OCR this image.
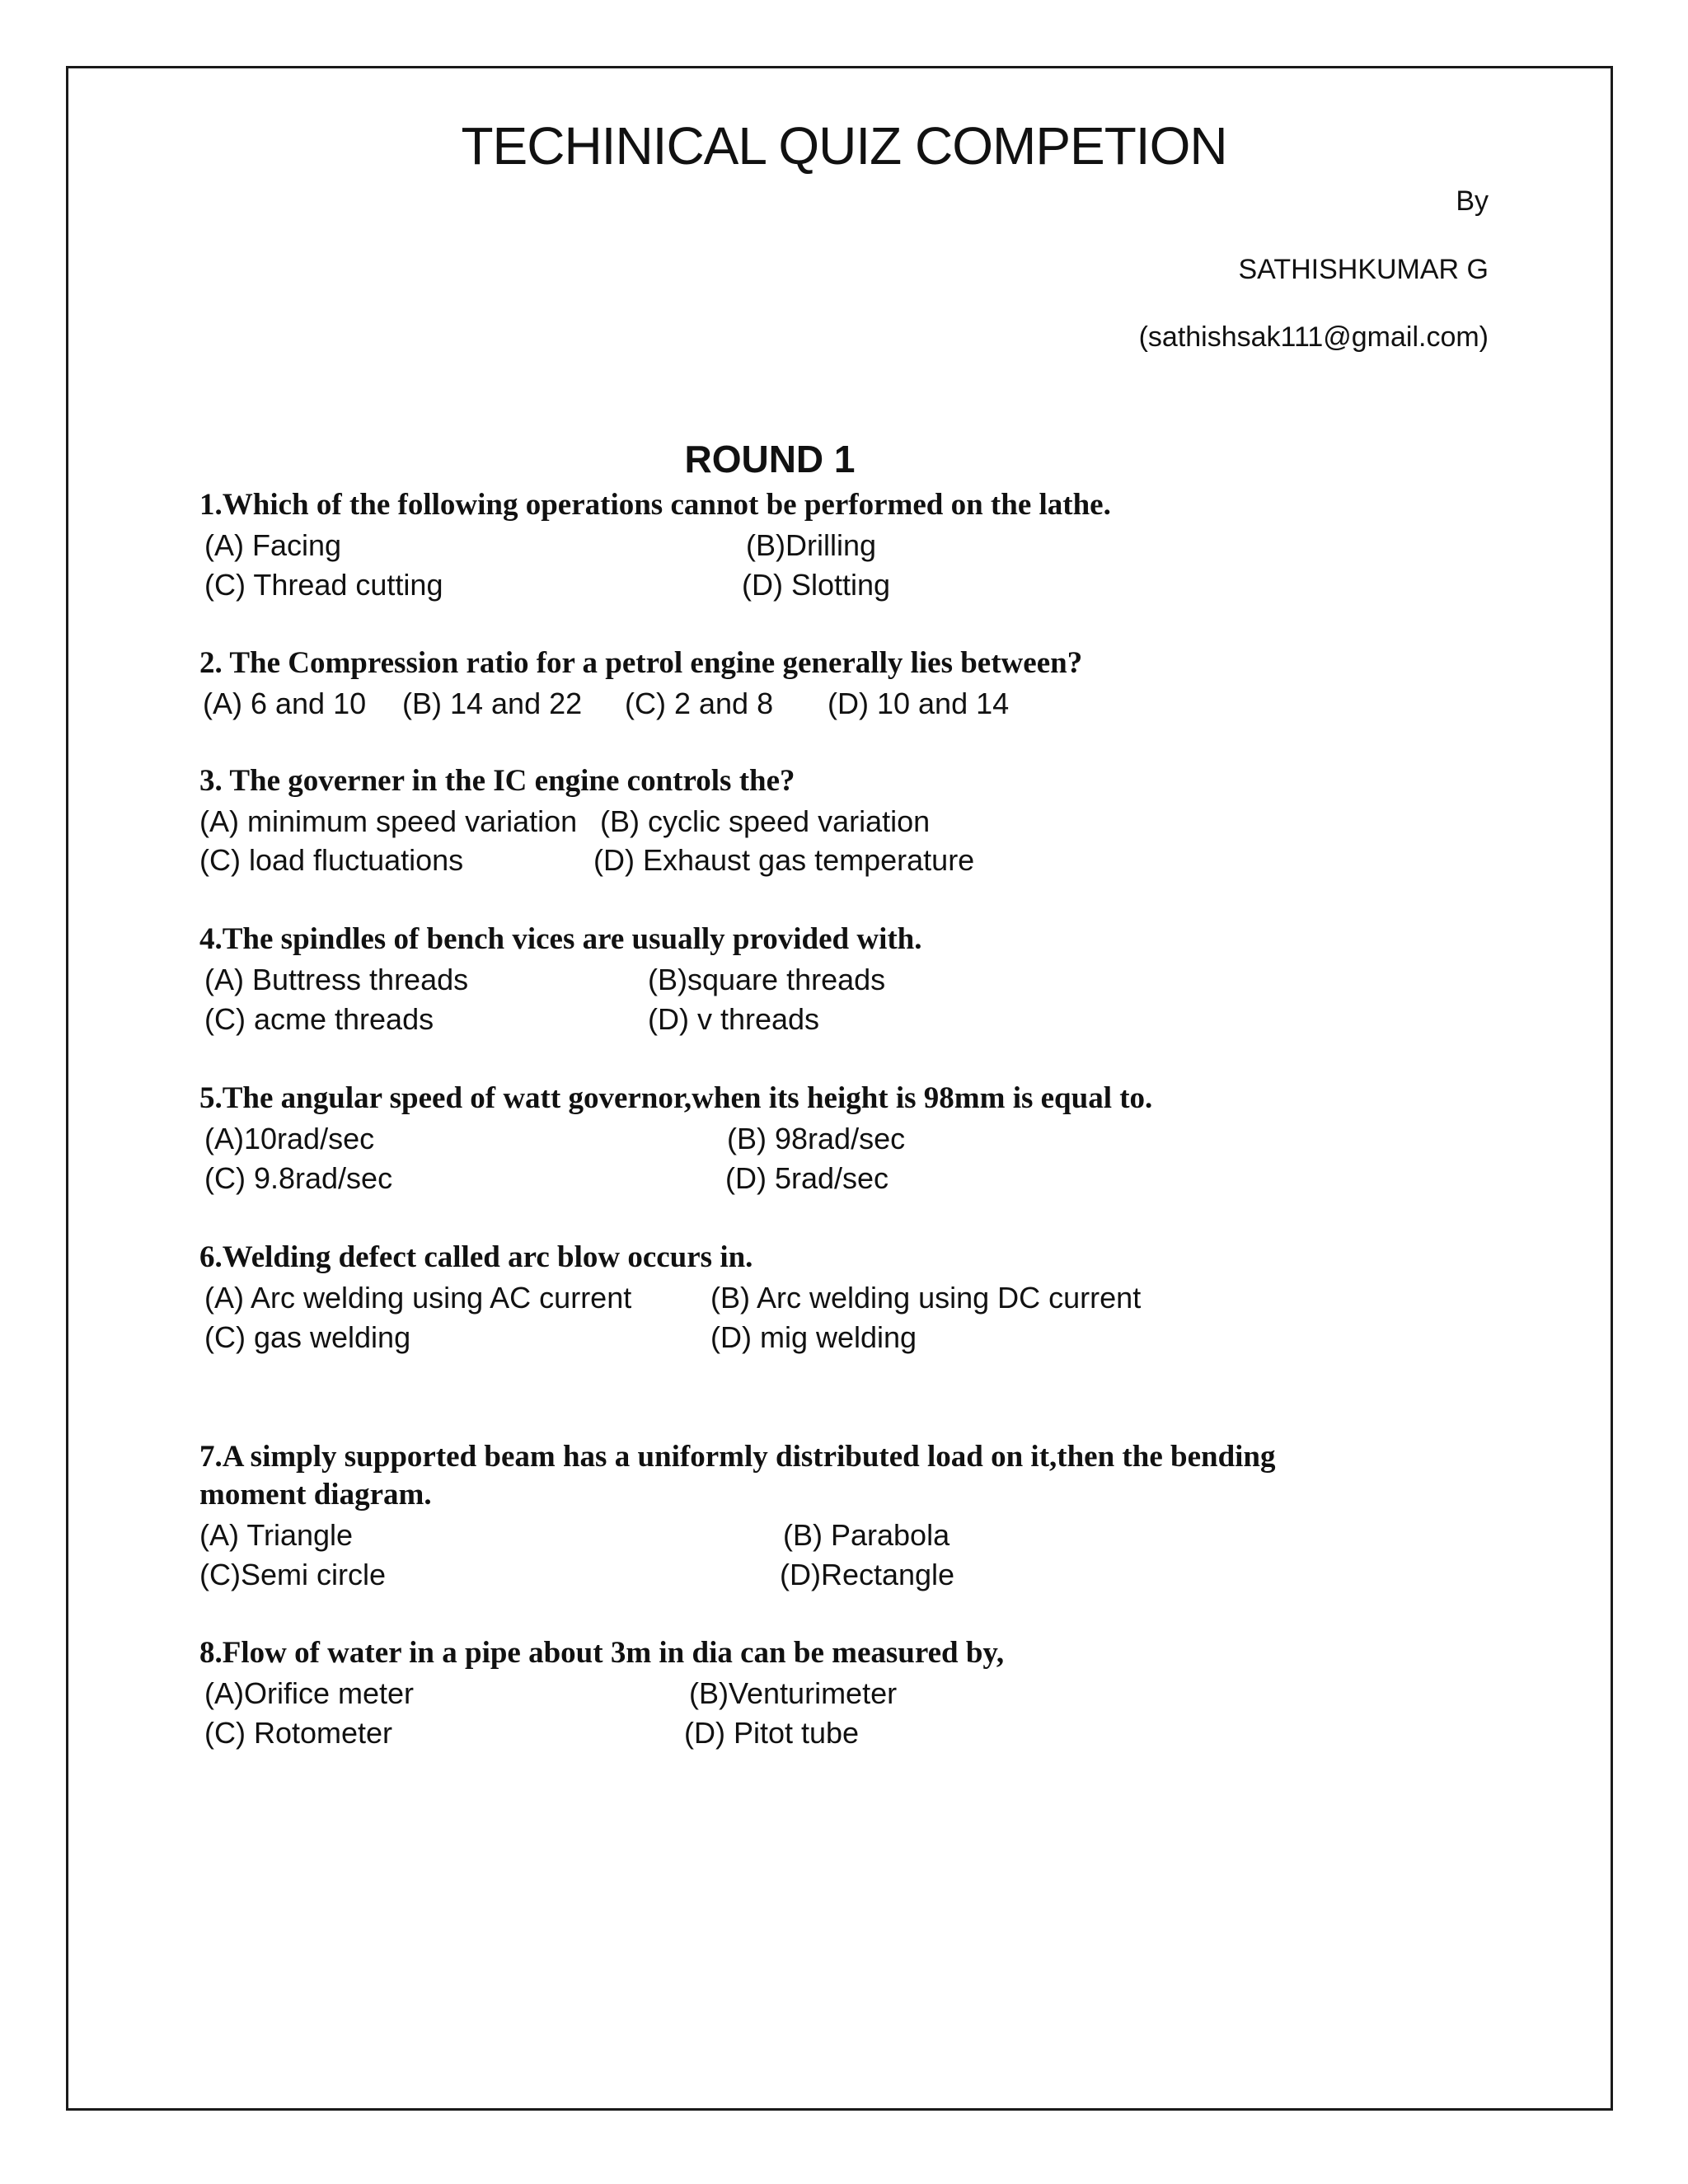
TECHINICAL QUIZ COMPETION
By
SATHISHKUMAR G
(sathishsak111@gmail.com)
ROUND 1
1.Which of the following operations cannot be performed on the lathe.
(A) Facing	(B)Drilling
(C) Thread cutting	(D) Slotting
2. The Compression ratio for a petrol engine generally lies between?
(A) 6 and 10 (B) 14 and 22 (C) 2 and 8 (D) 10 and 14
3. The governer in the IC engine controls the?
(A) minimum speed variation (B) cyclic speed variation
(C) load fluctuations	(D) Exhaust gas temperature
4.The spindles of bench vices are usually provided with.
(A) Buttress threads	(B)square threads
(C) acme threads	(D) v threads
5.The angular speed of watt governor,when its height is 98mm is equal to.
(A)10rad/sec	(B) 98rad/sec
(C) 9.8rad/sec	(D) 5rad/sec
6.Welding defect called arc blow occurs in.
(A) Arc welding using AC current	(B) Arc welding using DC current
(C) gas welding	(D) mig welding
7.A simply supported beam has a uniformly distributed load on it,then the bending moment diagram.
(A) Triangle	(B) Parabola
(C)Semi circle	(D)Rectangle
8.Flow of water in a pipe about 3m in dia can be measured by,
(A)Orifice meter	(B)Venturimeter
(C) Rotometer	(D) Pitot tube
